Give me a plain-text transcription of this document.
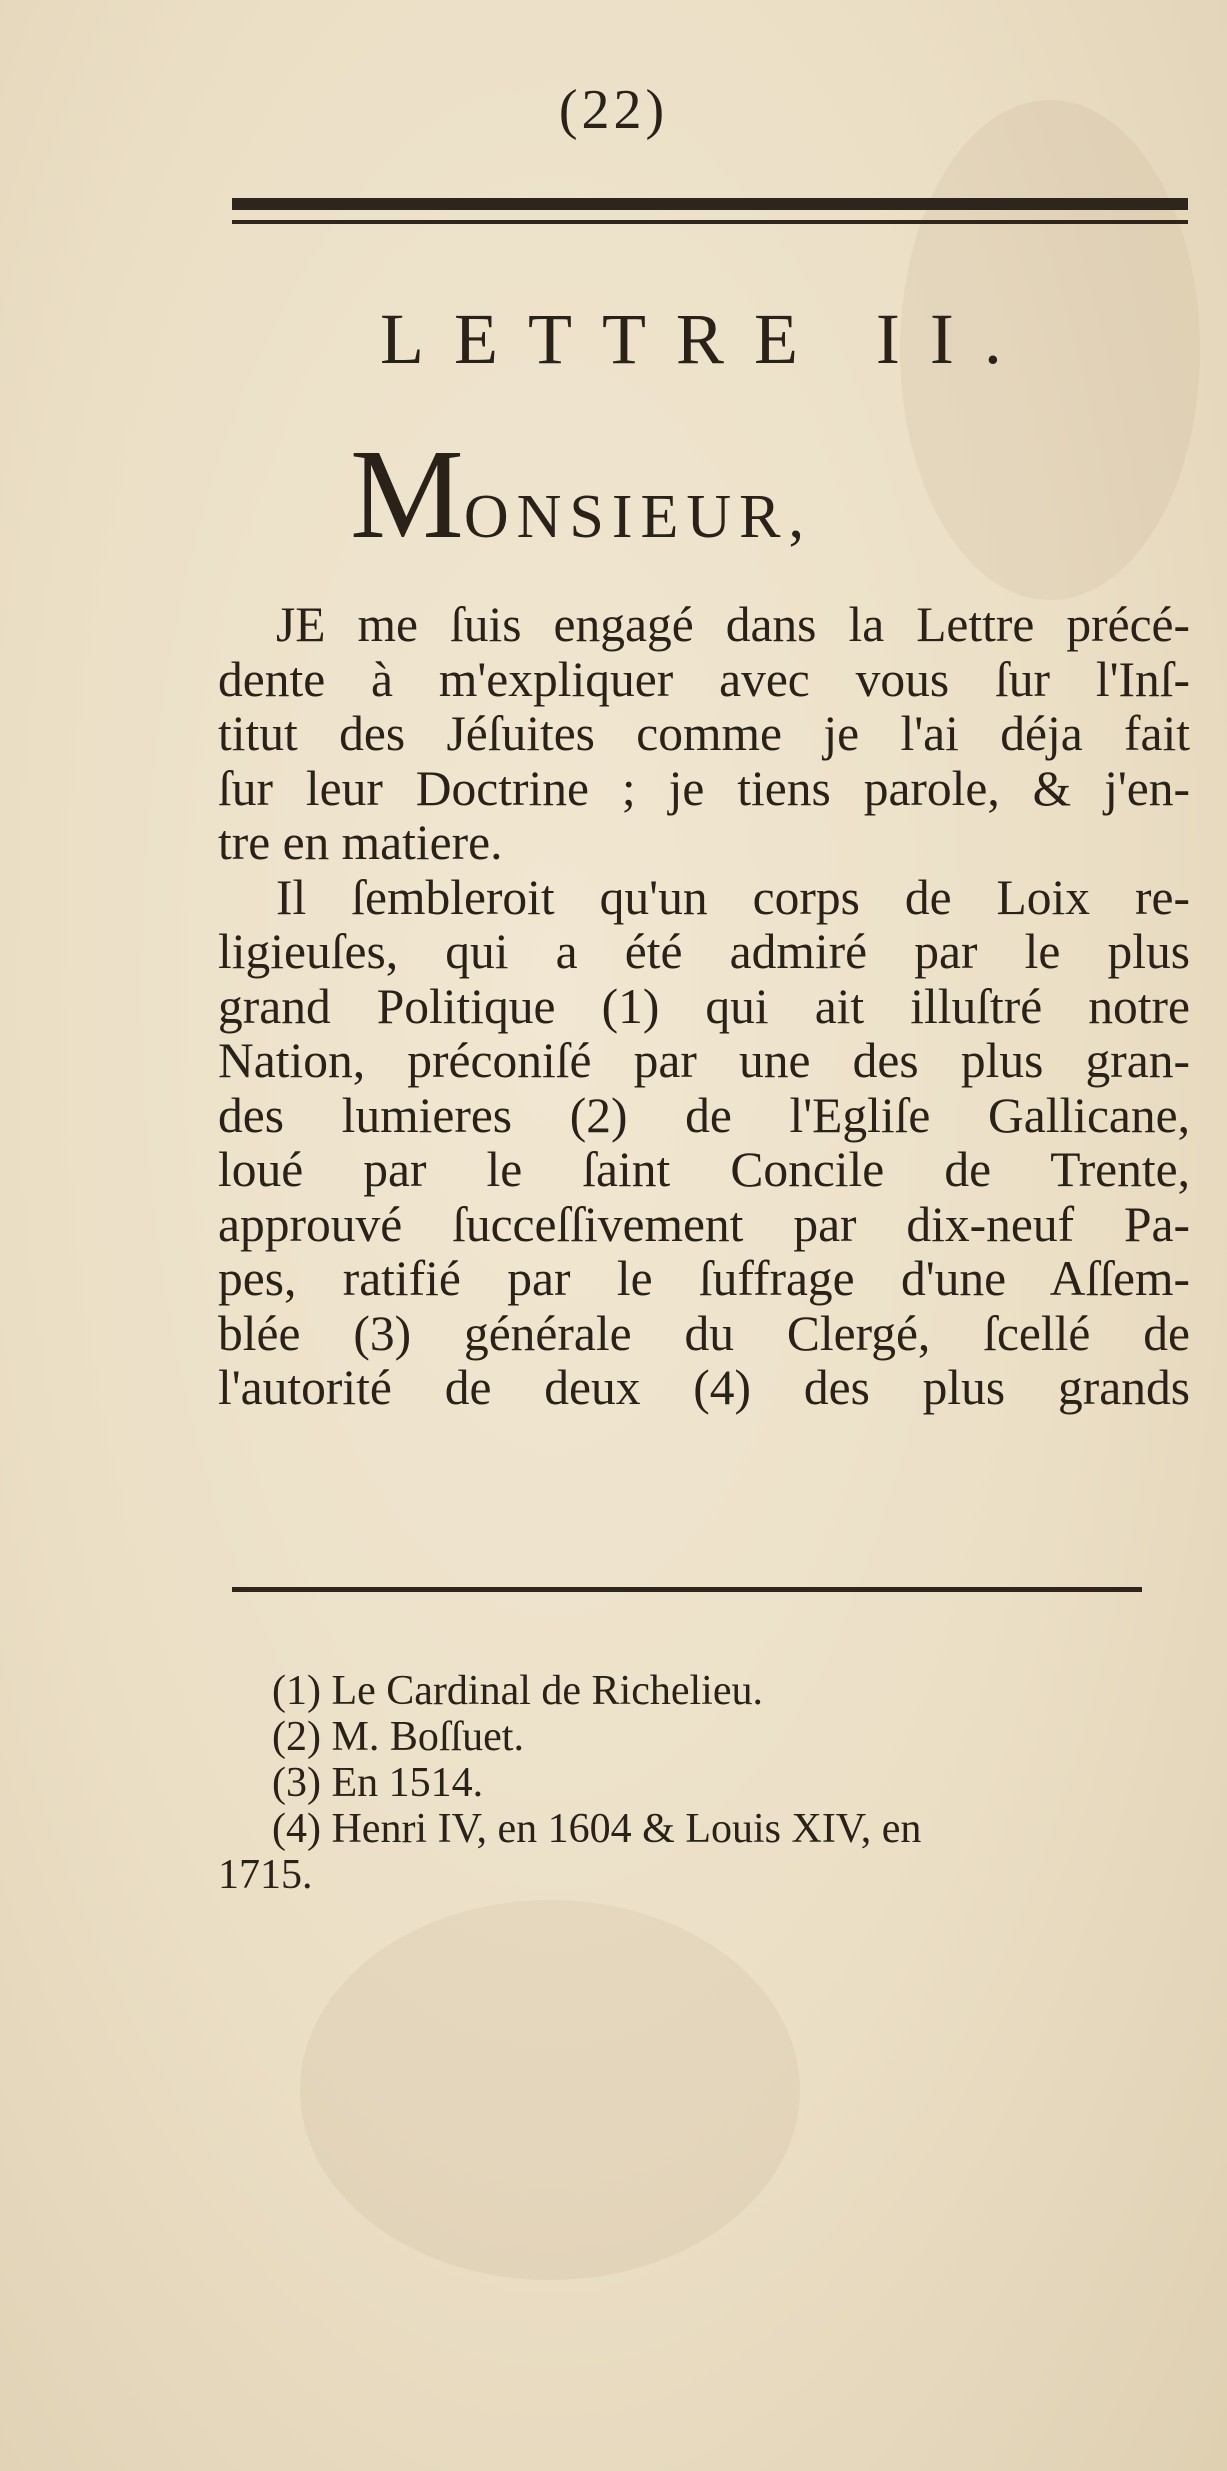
(22)
LETTRE II.
MONSIEUR,
JE me ſuis engagé dans la Lettre précé-
dente à m'expliquer avec vous ſur l'Inſ-
titut des Jéſuites comme je l'ai déja fait
ſur leur Doctrine ; je tiens parole, & j'en-
tre en matiere.
Il ſembleroit qu'un corps de Loix re-
ligieuſes, qui a été admiré par le plus
grand Politique (1) qui ait illuſtré notre
Nation, préconiſé par une des plus gran-
des lumieres (2) de l'Egliſe Gallicane,
loué par le ſaint Concile de Trente,
approuvé ſucceſſivement par dix-neuf Pa-
pes, ratifié par le ſuffrage d'une Aſſem-
blée (3) générale du Clergé, ſcellé de
l'autorité de deux (4) des plus grands
(1) Le Cardinal de Richelieu.
(2) M. Boſſuet.
(3) En 1514.
(4) Henri IV, en 1604 & Louis XIV, en
1715.
